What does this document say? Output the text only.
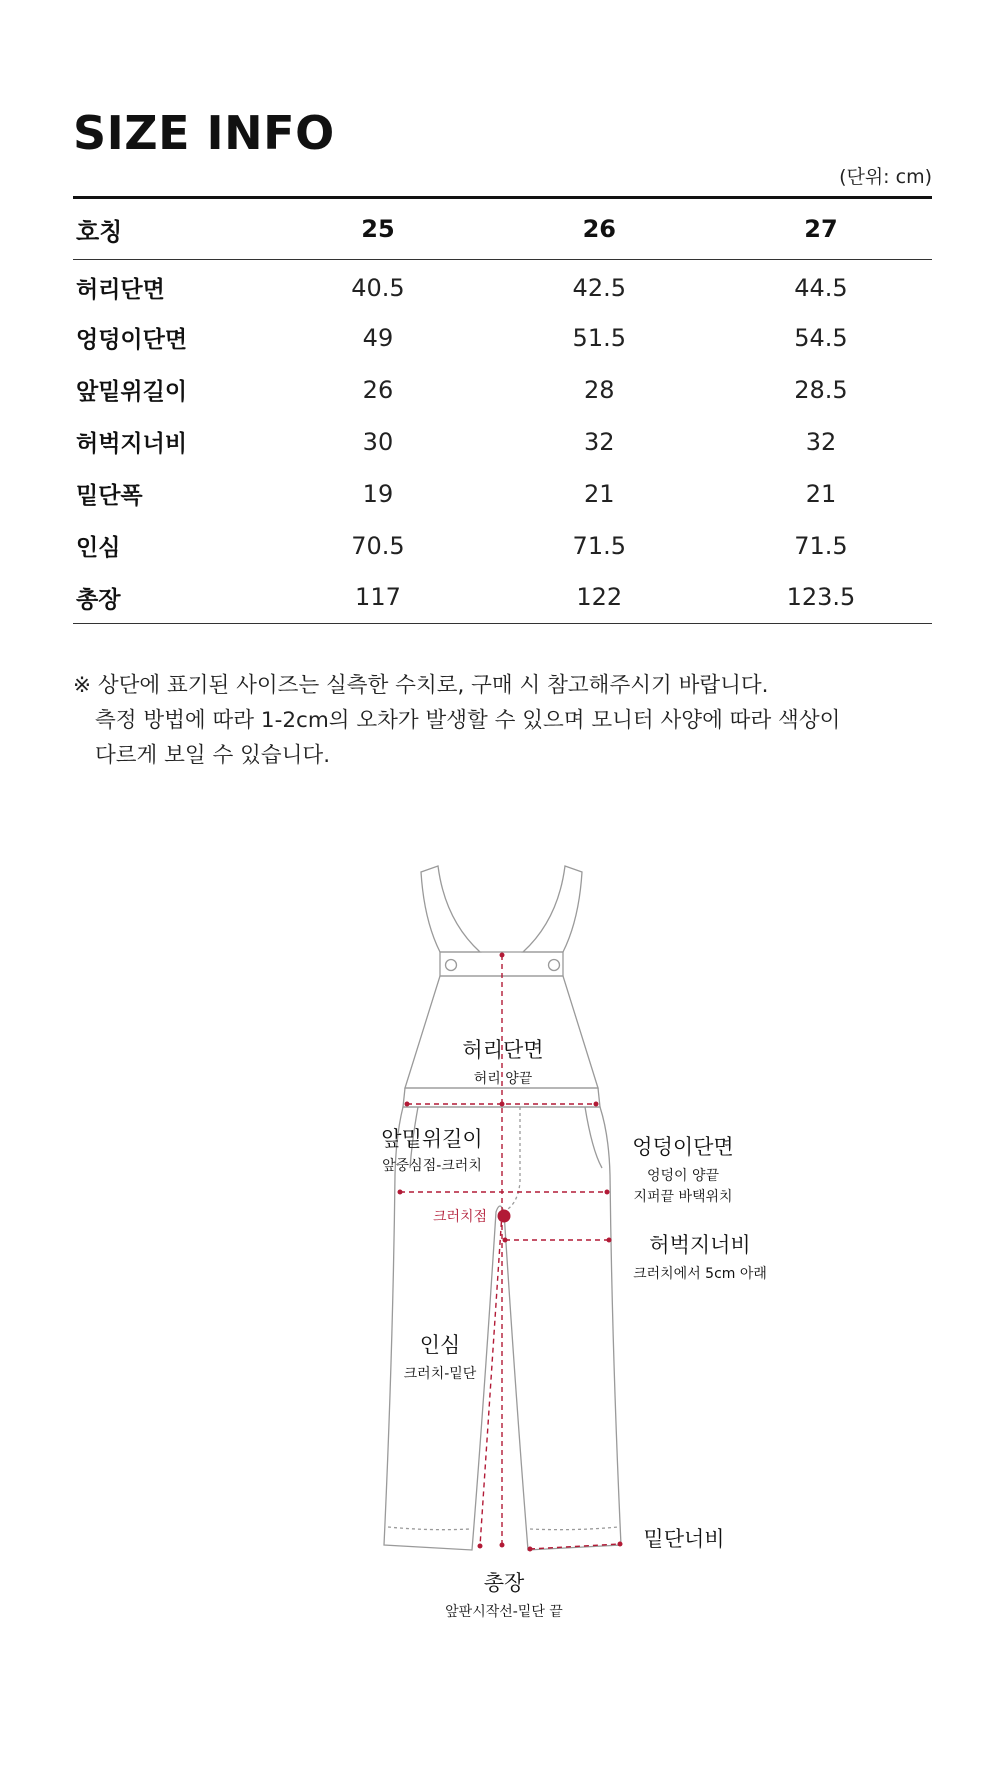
SIZE INFO
(단위: cm)
호칭	25	26	27
허리단면	40.5	42.5	44.5
엉덩이단면	49	51.5	54.5
앞밑위길이	26	28	28.5
허벅지너비	30	32	32
밑단폭	19	21	21
인심	70.5	71.5	71.5
총장	117	122	123.5
※ 상단에 표기된 사이즈는 실측한 수치로, 구매 시 참고해주시기 바랍니다.
측정 방법에 따라 1-2cm의 오차가 발생할 수 있으며 모니터 사양에 따라 색상이
다르게 보일 수 있습니다.
허리단면
허리 양끝
앞밑위길이
앞중심점-크러치
크러치점
엉덩이단면
엉덩이 양끝
지퍼끝 바택위치
허벅지너비
크러치에서 5cm 아래
인심
크러치-밑단
밑단너비
총장
앞판시작선-밑단 끝
